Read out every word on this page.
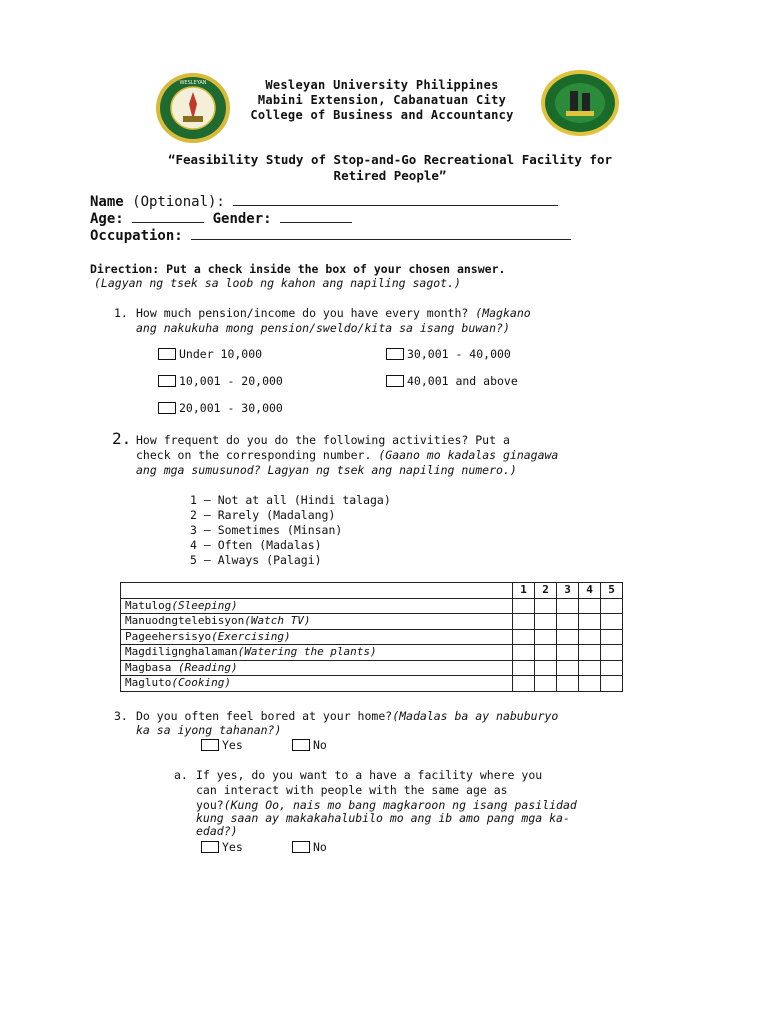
WESLEYAN	Wesleyan University Philippines
Mabini Extension, Cabanatuan City
College of Business and Accountancy
“Feasibility Study of Stop-and-Go Recreational Facility for
Retired People”
Name (Optional):
Age:	Gender:
Occupation:
Direction: Put a check inside the box of your chosen answer.
(Lagyan ng tsek sa loob ng kahon ang napiling sagot.)
1. How much pension/income do you have every month? (Magkano
ang nakukuha mong pension/sweldo/kita sa isang buwan?)
Under 10,000
10,001 - 20,000
20,001 - 30,000
30,001 - 40,000
40,001 and above
2. How frequent do you do the following activities? Put a
check on the corresponding number. (Gaano mo kadalas ginagawa
ang mga sumusunod? Lagyan ng tsek ang napiling numero.)
1 – Not at all (Hindi talaga)
2 – Rarely (Madalang)
3 – Sometimes (Minsan)
4 – Often (Madalas)
5 – Always (Palagi)
	1	2	3	4	5
Matulog(Sleeping)					
Manuodngtelebisyon(Watch TV)					
Pageehersisyo(Exercising)					
Magdilignghalaman(Watering the plants)					
Magbasa (Reading)					
Magluto(Cooking)					
3. Do you often feel bored at your home?(Madalas ba ay nabuburyo
ka sa iyong tahanan?)
Yes	No
a. If yes, do you want to a have a facility where you
can interact with people with the same age as
you?(Kung Oo, nais mo bang magkaroon ng isang pasilidad
kung saan ay makakahalubilo mo ang ib amo pang mga ka-
edad?)
Yes	No
